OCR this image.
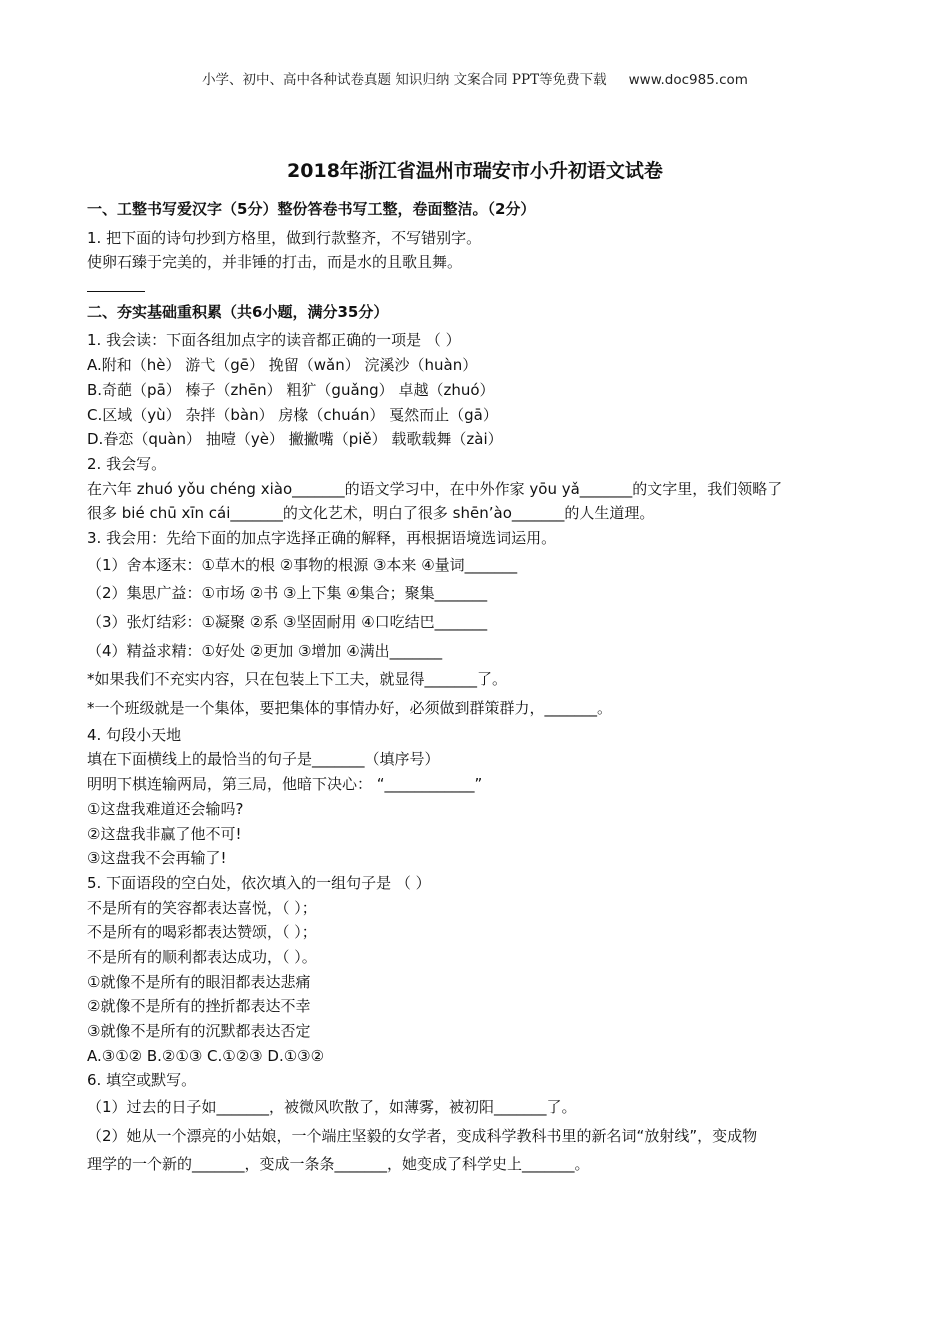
小学、初中、高中各种试卷真题 知识归纳 文案合同 PPT等免费下载 www.doc985.com
2018年浙江省温州市瑞安市小升初语文试卷
一、工整书写爱汉字（5分）整份答卷书写工整，卷面整洁。（2分）
1. 把下面的诗句抄到方格里，做到行款整齐，不写错别字。
使卵石臻于完美的，并非锤的打击，而是水的且歌且舞。
二、夯实基础重积累（共6小题，满分35分）
1. 我会读：下面各组加点字的读音都正确的一项是 （ ）
A.附和（hè） 游弋（gē） 挽留（wǎn） 浣溪沙（huàn）
B.奇葩（pā） 榛子（zhēn） 粗犷（guǎng） 卓越（zhuó）
C.区域（yù） 杂拌（bàn） 房椽（chuán） 戛然而止（gā）
D.眷恋（quàn） 抽噎（yè） 撇撇嘴（piě） 载歌载舞（zài）
2. 我会写。
在六年 zhuó yǒu chéng xiào_______的语文学习中，在中外作家 yōu yǎ_______的文字里，我们领略了
很多 bié chū xīn cái_______的文化艺术，明白了很多 shēn’ào_______的人生道理。
3. 我会用：先给下面的加点字选择正确的解释，再根据语境选词运用。
（1）舍本逐末：①草木的根 ②事物的根源 ③本来 ④量词_______
（2）集思广益：①市场 ②书 ③上下集 ④集合；聚集_______
（3）张灯结彩：①凝聚 ②系 ③坚固耐用 ④口吃结巴_______
（4）精益求精：①好处 ②更加 ③增加 ④满出_______
*如果我们不充实内容，只在包装上下工夫，就显得_______了。
*一个班级就是一个集体，要把集体的事情办好，必须做到群策群力，_______。
4. 句段小天地
填在下面横线上的最恰当的句子是_______（填序号）
明明下棋连输两局，第三局，他暗下决心： “____________”
①这盘我难道还会输吗?
②这盘我非赢了他不可!
③这盘我不会再输了!
5. 下面语段的空白处，依次填入的一组句子是 （ ）
不是所有的笑容都表达喜悦，（ ）；
不是所有的喝彩都表达赞颂，（ ）；
不是所有的顺利都表达成功，（ ）。
①就像不是所有的眼泪都表达悲痛
②就像不是所有的挫折都表达不幸
③就像不是所有的沉默都表达否定
A.③①② B.②①③ C.①②③ D.①③②
6. 填空或默写。
（1）过去的日子如_______，被微风吹散了，如薄雾，被初阳_______了。
（2）她从一个漂亮的小姑娘，一个端庄坚毅的女学者，变成科学教科书里的新名词“放射线”，变成物
理学的一个新的_______，变成一条条_______，她变成了科学史上_______。
